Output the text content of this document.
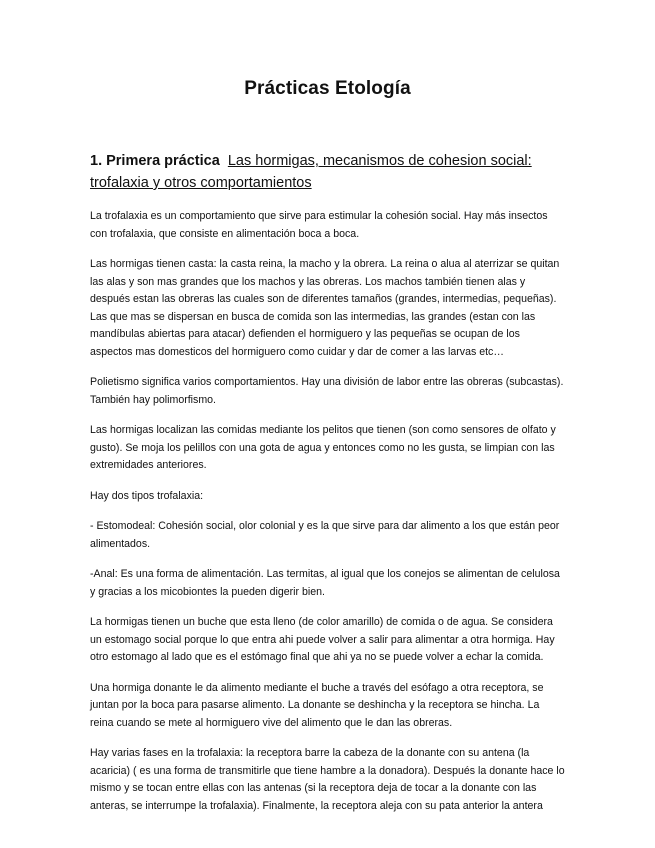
Prácticas Etología
1. Primera práctica Las hormigas, mecanismos de cohesion social: trofalaxia y otros comportamientos

La trofalaxia es un comportamiento que sirve para estimular la cohesión social. Hay más insectos con trofalaxia, que consiste en alimentación boca a boca.

Las hormigas tienen casta: la casta reina, la macho y la obrera. La reina o alua al aterrizar se quitan las alas y son mas grandes que los machos y las obreras. Los machos también tienen alas y después estan las obreras las cuales son de diferentes tamaños (grandes, intermedias, pequeñas). Las que mas se dispersan en busca de comida son las intermedias, las grandes (estan con las mandíbulas abiertas para atacar) defienden el hormiguero y las pequeñas se ocupan de los aspectos mas domesticos del hormiguero como cuidar y dar de comer a las larvas etc…

Polietismo significa varios comportamientos. Hay una división de labor entre las obreras (subcastas). También hay polimorfismo.

Las hormigas localizan las comidas mediante los pelitos que tienen (son como sensores de olfato y gusto). Se moja los pelillos con una gota de agua y entonces como no les gusta, se limpian con las extremidades anteriores.

Hay dos tipos trofalaxia:

- Estomodeal: Cohesión social, olor colonial y es la que sirve para dar alimento a los que están peor alimentados.

-Anal: Es una forma de alimentación. Las termitas, al igual que los conejos se alimentan de celulosa y gracias a los micobiontes la pueden digerir bien.

La hormigas tienen un buche que esta lleno (de color amarillo) de comida o de agua. Se considera un estomago social porque lo que entra ahi puede volver a salir para alimentar a otra hormiga. Hay otro estomago al lado que es el estómago final que ahi ya no se puede volver a echar la comida.

Una hormiga donante le da alimento mediante el buche a través del esófago a otra receptora, se juntan por la boca para pasarse alimento. La donante se deshincha y la receptora se hincha. La reina cuando se mete al hormiguero vive del alimento que le dan las obreras.

Hay varias fases en la trofalaxia: la receptora barre la cabeza de la donante con su antena (la acaricia) ( es una forma de transmitirle que tiene hambre a la donadora). Después la donante hace lo mismo y se tocan entre ellas con las antenas (si la receptora deja de tocar a la donante con las anteras, se interrumpe la trofalaxia). Finalmente, la receptora aleja con su pata anterior la antera
